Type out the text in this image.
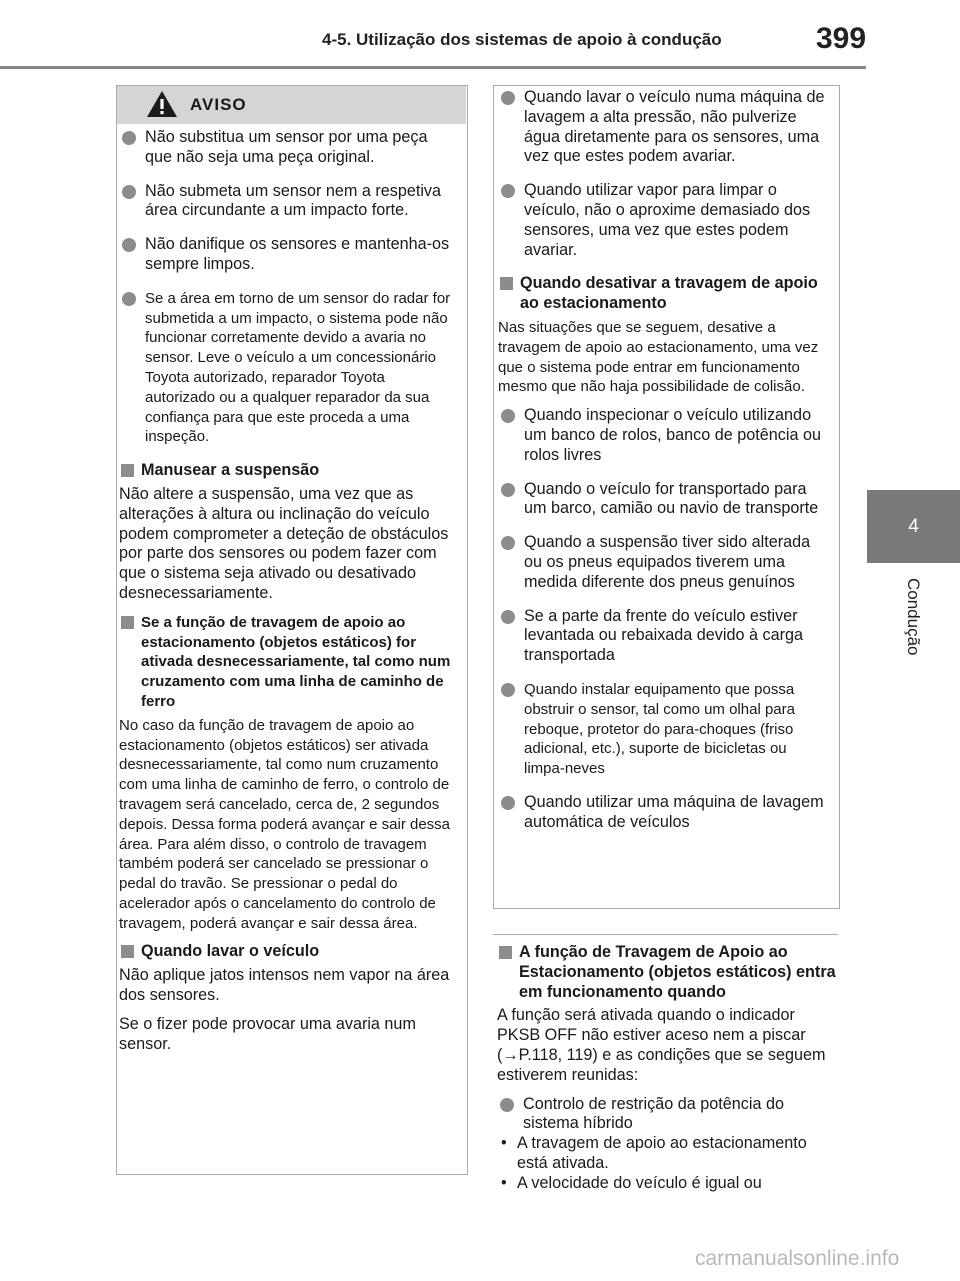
4-5. Utilização dos sistemas de apoio à condução	399
4
Condução
AVISO
Não substitua um sensor por uma peça que não seja uma peça original.
Não submeta um sensor nem a respetiva área circundante a um impacto forte.
Não danifique os sensores e mantenha-os sempre limpos.
Se a área em torno de um sensor do radar for submetida a um impacto, o sistema pode não funcionar corretamente devido a avaria no sensor. Leve o veículo a um concessionário Toyota autorizado, reparador Toyota autorizado ou a qualquer reparador da sua confiança para que este proceda a uma inspeção.
Manusear a suspensão
Não altere a suspensão, uma vez que as alterações à altura ou inclinação do veículo podem comprometer a deteção de obstáculos por parte dos sensores ou podem fazer com que o sistema seja ativado ou desativado desnecessariamente.
Se a função de travagem de apoio ao estacionamento (objetos estáticos) for ativada desnecessariamente, tal como num cruzamento com uma linha de caminho de ferro
No caso da função de travagem de apoio ao estacionamento (objetos estáticos) ser ativada desnecessariamente, tal como num cruzamento com uma linha de caminho de ferro, o controlo de travagem será cancelado, cerca de, 2 segundos depois. Dessa forma poderá avançar e sair dessa área. Para além disso, o controlo de travagem também poderá ser cancelado se pressionar o pedal do travão. Se pressionar o pedal do acelerador após o cancelamento do controlo de travagem, poderá avançar e sair dessa área.
Quando lavar o veículo
Não aplique jatos intensos nem vapor na área dos sensores.
Se o fizer pode provocar uma avaria num sensor.
Quando lavar o veículo numa máquina de lavagem a alta pressão, não pulverize água diretamente para os sensores, uma vez que estes podem avariar.
Quando utilizar vapor para limpar o veículo, não o aproxime demasiado dos sensores, uma vez que estes podem avariar.
Quando desativar a travagem de apoio ao estacionamento
Nas situações que se seguem, desative a travagem de apoio ao estacionamento, uma vez que o sistema pode entrar em funcionamento mesmo que não haja possibilidade de colisão.
Quando inspecionar o veículo utilizando um banco de rolos, banco de potência ou rolos livres
Quando o veículo for transportado para um barco, camião ou navio de transporte
Quando a suspensão tiver sido alterada ou os pneus equipados tiverem uma medida diferente dos pneus genuínos
Se a parte da frente do veículo estiver levantada ou rebaixada devido à carga transportada
Quando instalar equipamento que possa obstruir o sensor, tal como um olhal para reboque, protetor do para-choques (friso adicional, etc.), suporte de bicicletas ou limpa-neves
Quando utilizar uma máquina de lavagem automática de veículos
A função de Travagem de Apoio ao Estacionamento (objetos estáticos) entra em funcionamento quando
A função será ativada quando o indicador PKSB OFF não estiver aceso nem a piscar (→P.118, 119) e as condições que se seguem estiverem reunidas:
Controlo de restrição da potência do sistema híbrido
• A travagem de apoio ao estacionamento está ativada.
• A velocidade do veículo é igual ou
carmanualsonline.info
